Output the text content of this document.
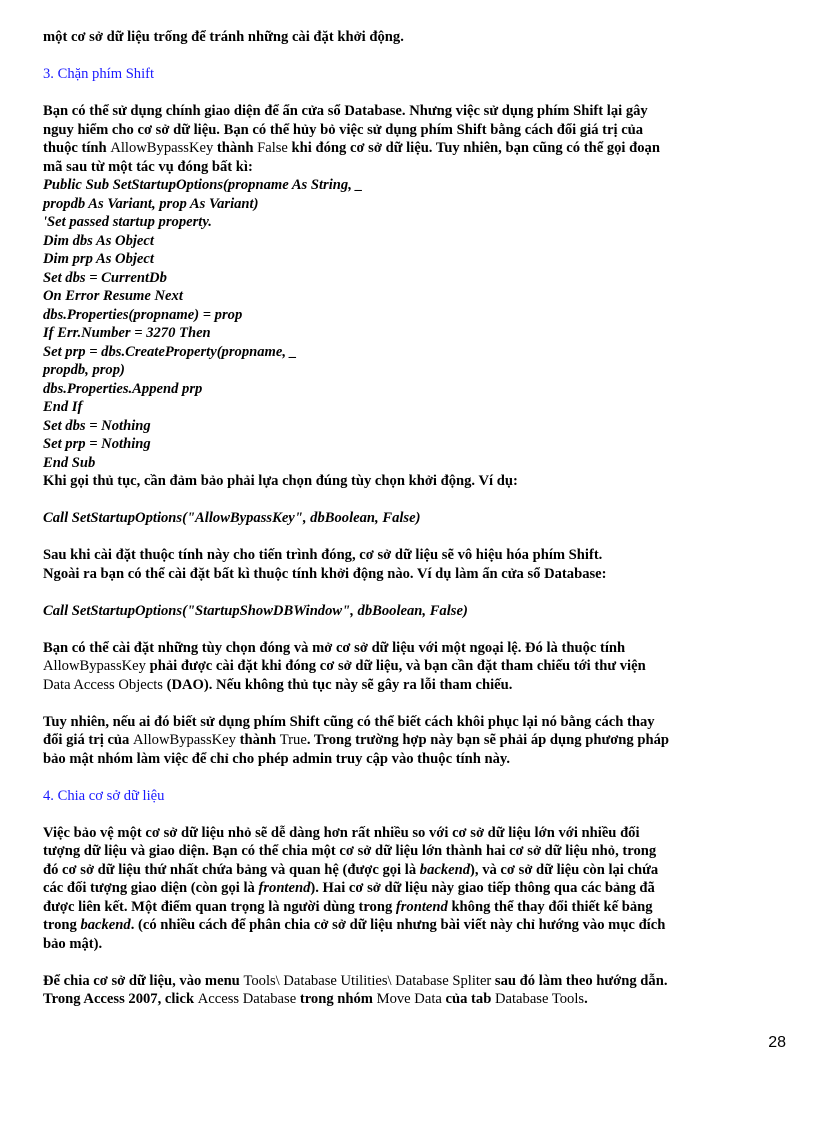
một cơ sở dữ liệu trống để tránh những cài đặt khởi động.
3. Chặn phím Shift
Bạn có thể sử dụng chính giao diện để ẩn cửa sổ Database. Nhưng việc sử dụng phím Shift lại gây
nguy hiểm cho cơ sở dữ liệu. Bạn có thể hủy bỏ việc sử dụng phím Shift bằng cách đổi giá trị của
thuộc tính AllowBypassKey thành False khi đóng cơ sở dữ liệu. Tuy nhiên, bạn cũng có thể gọi đoạn
mã sau từ một tác vụ đóng bất kì:
Public Sub SetStartupOptions(propname As String, _
propdb As Variant, prop As Variant)
'Set passed startup property.
Dim dbs As Object
Dim prp As Object
Set dbs = CurrentDb
On Error Resume Next
dbs.Properties(propname) = prop
If Err.Number = 3270 Then
Set prp = dbs.CreateProperty(propname, _
propdb, prop)
dbs.Properties.Append prp
End If
Set dbs = Nothing
Set prp = Nothing
End Sub
Khi gọi thủ tục, cần đảm bảo phải lựa chọn đúng tùy chọn khởi động. Ví dụ:
Call SetStartupOptions("AllowBypassKey", dbBoolean, False)
Sau khi cài đặt thuộc tính này cho tiến trình đóng, cơ sở dữ liệu sẽ vô hiệu hóa phím Shift.
Ngoài ra bạn có thể cài đặt bất kì thuộc tính khởi động nào. Ví dụ làm ẩn cửa sổ Database:
Call SetStartupOptions("StartupShowDBWindow", dbBoolean, False)
Bạn có thể cài đặt những tùy chọn đóng và mở cơ sở dữ liệu với một ngoại lệ. Đó là thuộc tính
AllowBypassKey phải được cài đặt khi đóng cơ sở dữ liệu, và bạn cần đặt tham chiếu tới thư viện
Data Access Objects (DAO). Nếu không thủ tục này sẽ gây ra lỗi tham chiếu.
Tuy nhiên, nếu ai đó biết sử dụng phím Shift cũng có thể biết cách khôi phục lại nó bằng cách thay
đổi giá trị của AllowBypassKey thành True. Trong trường hợp này bạn sẽ phải áp dụng phương pháp
bảo mật nhóm làm việc để chỉ cho phép admin truy cập vào thuộc tính này.
4. Chia cơ sở dữ liệu
Việc bảo vệ một cơ sở dữ liệu nhỏ sẽ dễ dàng hơn rất nhiều so với cơ sở dữ liệu lớn với nhiều đối
tượng dữ liệu và giao diện. Bạn có thể chia một cơ sở dữ liệu lớn thành hai cơ sở dữ liệu nhỏ, trong
đó cơ sở dữ liệu thứ nhất chứa bảng và quan hệ (được gọi là backend), và cơ sở dữ liệu còn lại chứa
các đối tượng giao diện (còn gọi là frontend). Hai cơ sở dữ liệu này giao tiếp thông qua các bảng đã
được liên kết. Một điểm quan trọng là người dùng trong frontend không thể thay đổi thiết kế bảng
trong backend. (có nhiều cách để phân chia cở sở dữ liệu nhưng bài viết này chỉ hướng vào mục đích
bảo mật).
Để chia cơ sở dữ liệu, vào menu Tools\ Database Utilities\ Database Spliter sau đó làm theo hướng dẫn.
Trong Access 2007, click Access Database trong nhóm Move Data của tab Database Tools.
28
